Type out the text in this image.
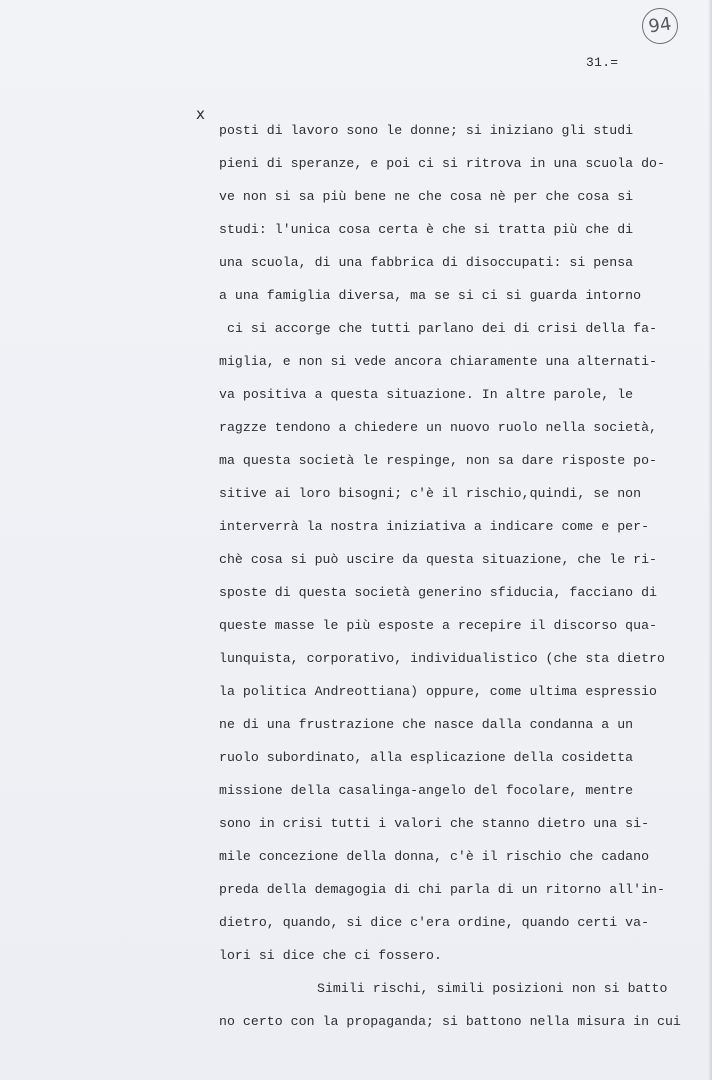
94
31.=
x
posti di lavoro sono le donne; si iniziano gli studi
pieni di speranze, e poi ci si ritrova in una scuola do-
ve non si sa più bene ne che cosa nè per che cosa si
studi: l'unica cosa certa è che si tratta più che di
una scuola, di una fabbrica di disoccupati: si pensa
a una famiglia diversa, ma se si ci si guarda intorno
ci si accorge che tutti parlano dei di crisi della fa-
miglia, e non si vede ancora chiaramente una alternati-
va positiva a questa situazione. In altre parole, le
ragzze tendono a chiedere un nuovo ruolo nella società,
ma questa società le respinge, non sa dare risposte po-
sitive ai loro bisogni; c'è il rischio,quindi, se non
interverrà la nostra iniziativa a indicare come e per-
chè cosa si può uscire da questa situazione, che le ri-
sposte di questa società generino sfiducia, facciano di
queste masse le più esposte a recepire il discorso qua-
lunquista, corporativo, individualistico (che sta dietro
la politica Andreottiana) oppure, come ultima espressio
ne di una frustrazione che nasce dalla condanna a un
ruolo subordinato, alla esplicazione della cosidetta
missione della casalinga-angelo del focolare, mentre
sono in crisi tutti i valori che stanno dietro una si-
mile concezione della donna, c'è il rischio che cadano
preda della demagogia di chi parla di un ritorno all'in-
dietro, quando, si dice c'era ordine, quando certi va-
lori si dice che ci fossero.
Simili rischi, simili posizioni non si batto
no certo con la propaganda; si battono nella misura in cui
